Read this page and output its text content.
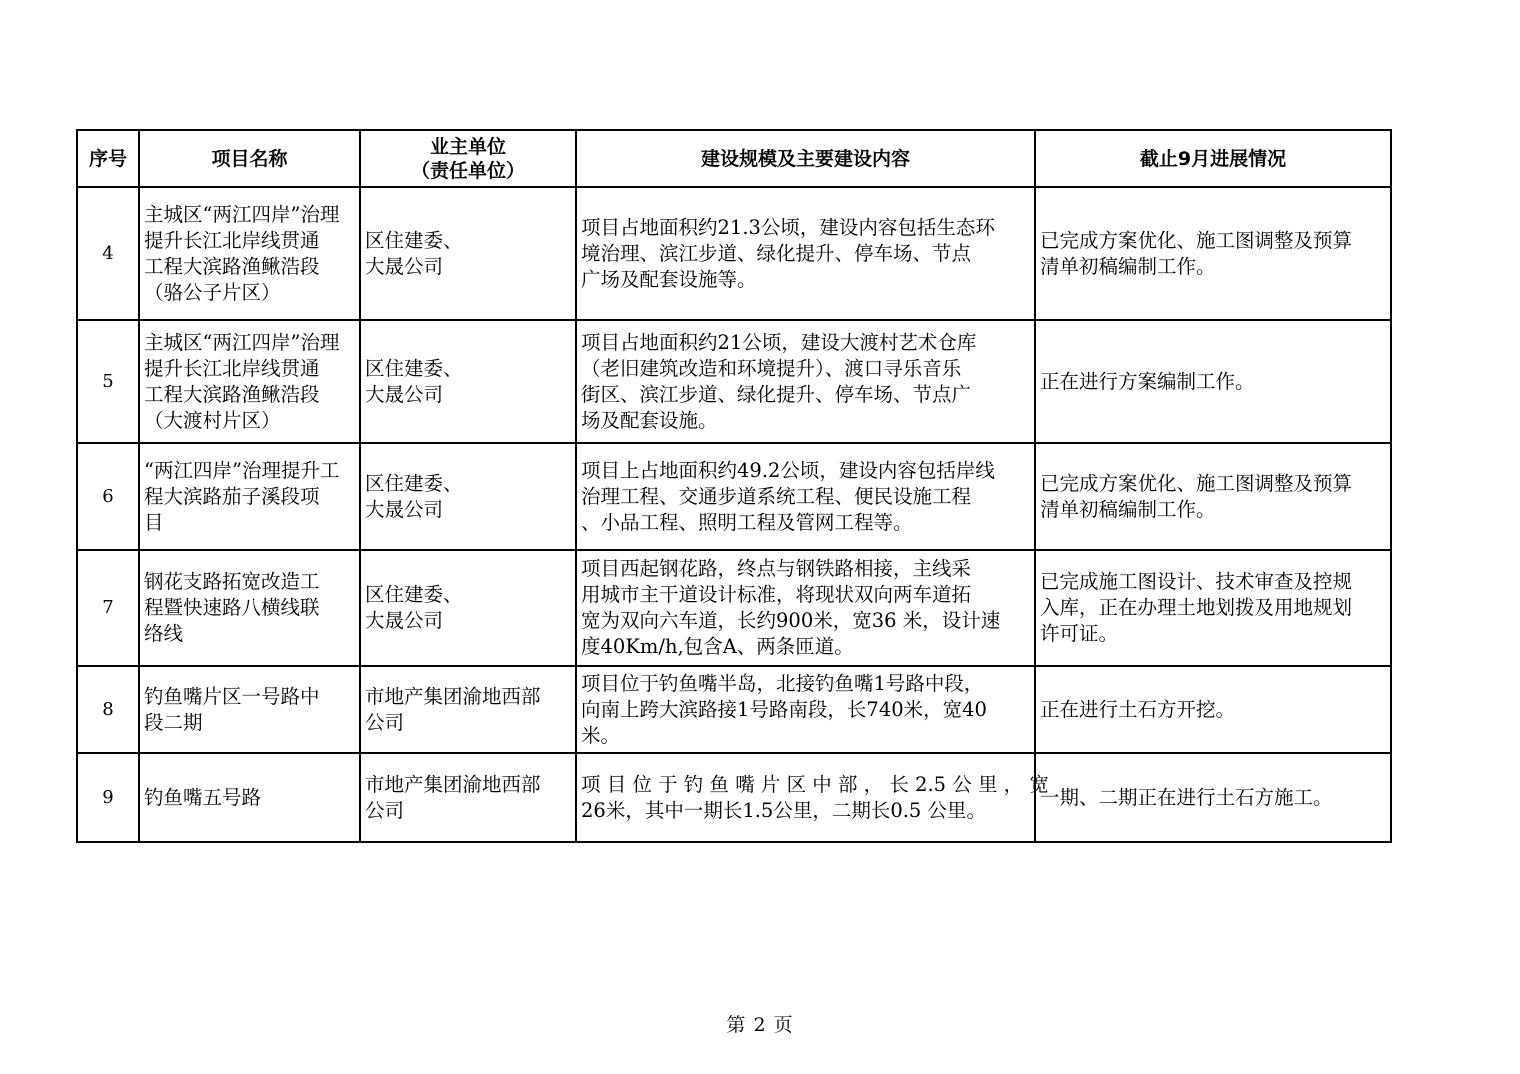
序号	项目名称	业主单位
（责任单位）	建设规模及主要建设内容	截止9月进展情况
4	主城区“两江四岸”治理
提升长江北岸线贯通
工程大滨路渔鳅浩段
（骆公子片区）	区住建委、
大晟公司	项目占地面积约21.3公顷，建设内容包括生态环
境治理、滨江步道、绿化提升、停车场、节点
广场及配套设施等。	已完成方案优化、施工图调整及预算
清单初稿编制工作。

5	主城区“两江四岸”治理
提升长江北岸线贯通
工程大滨路渔鳅浩段
（大渡村片区）	区住建委、
大晟公司	项目占地面积约21公顷，建设大渡村艺术仓库
（老旧建筑改造和环境提升）、渡口寻乐音乐
街区、滨江步道、绿化提升、停车场、节点广
场及配套设施。	正在进行方案编制工作。

6	“两江四岸”治理提升工
程大滨路茄子溪段项
目	区住建委、
大晟公司	项目上占地面积约49.2公顷，建设内容包括岸线
治理工程、交通步道系统工程、便民设施工程
、小品工程、照明工程及管网工程等。	已完成方案优化、施工图调整及预算
清单初稿编制工作。

7	钢花支路拓宽改造工
程暨快速路八横线联
络线	区住建委、
大晟公司	项目西起钢花路，终点与钢铁路相接，主线采
用城市主干道设计标准，将现状双向两车道拓
宽为双向六车道，长约900米，宽36 米，设计速
度40Km/h,包含A、两条匝道。	已完成施工图设计、技术审查及控规
入库，正在办理土地划拨及用地规划
许可证。

8	钓鱼嘴片区一号路中
段二期	市地产集团渝地西部
公司	项目位于钓鱼嘴半岛，北接钓鱼嘴1号路中段，
向南上跨大滨路接1号路南段，长740米，宽40
米。	正在进行土石方开挖。

9	钓鱼嘴五号路	市地产集团渝地西部
公司	项 目 位 于 钓 鱼 嘴 片 区 中 部 ， 长 2.5 公 里 ， 宽
26米，其中一期长1.5公里，二期长0.5 公里。	一期、二期正在进行土石方施工。
第 2 页
